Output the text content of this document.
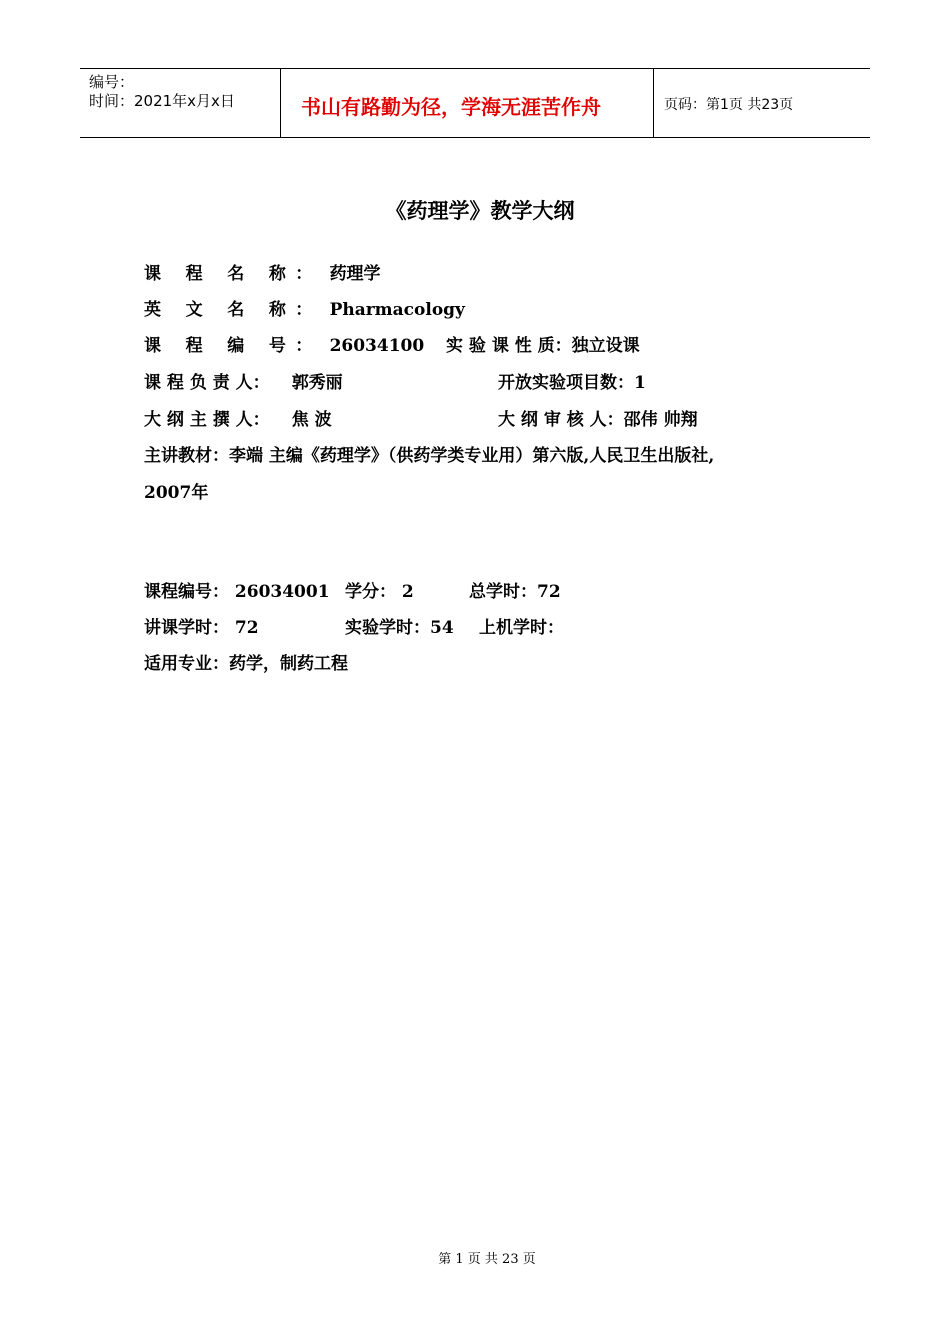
编号：
时间：2021年x月x日	书山有路勤为径，学海无涯苦作舟	页码：第1页 共23页
《药理学》教学大纲
课 程 名 称： 药理学
英 文 名 称： Pharmacology
课 程 编 号： 26034100 实 验 课 性 质：独立设课
课 程 负 责 人： 郭秀丽	开放实验项目数：1
大 纲 主 撰 人： 焦 波	大 纲 审 核 人：邵伟 帅翔
主讲教材：李端 主编《药理学》（供药学类专业用）第六版,人民卫生出版社,
2007年
课程编号： 26034001 学分： 2	总学时：72
讲课学时： 72	实验学时：54 上机学时：
适用专业：药学，制药工程
第 1 页 共 23 页
